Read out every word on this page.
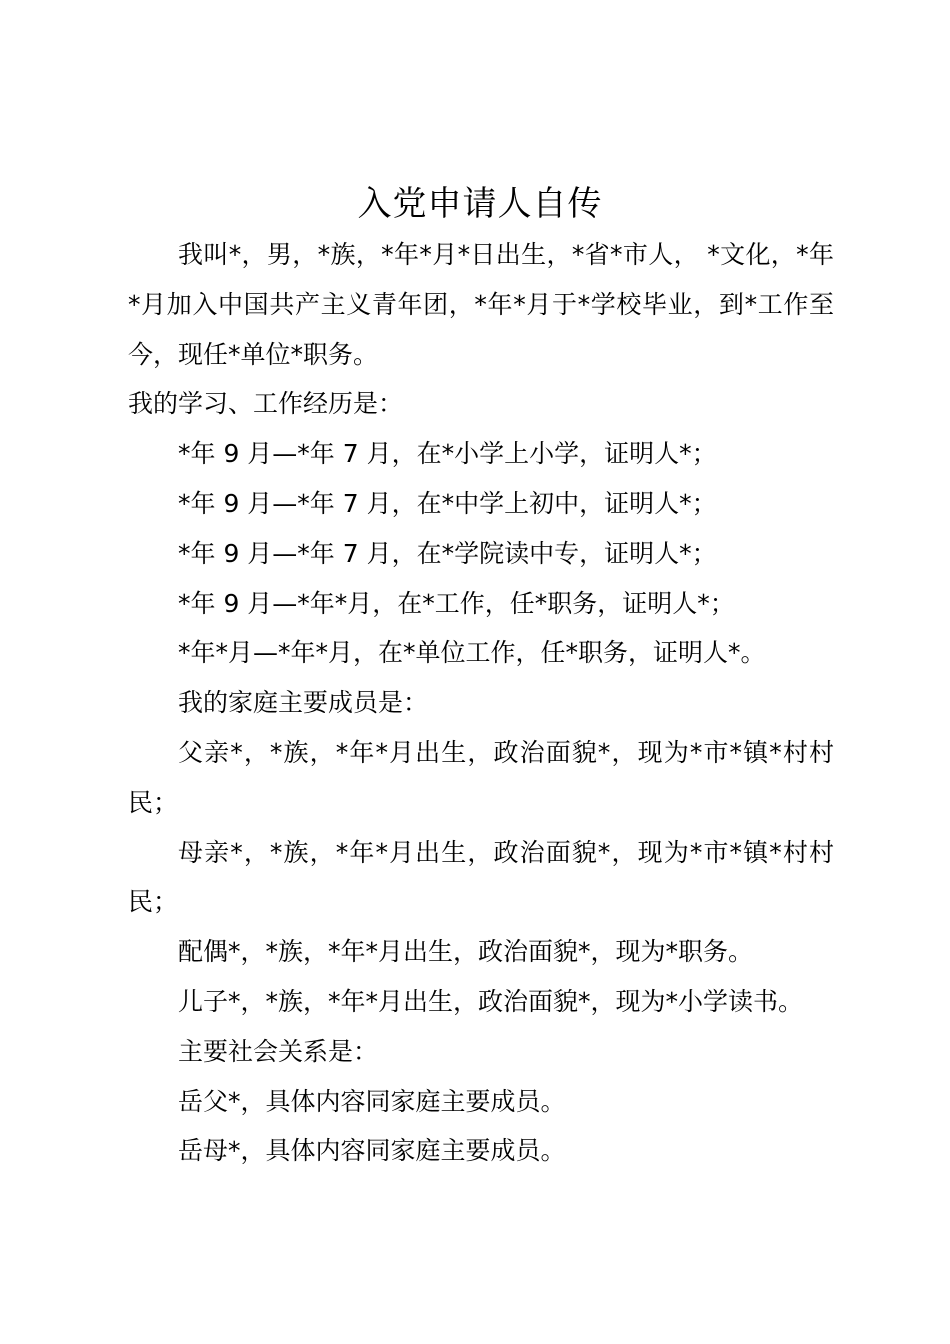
入党申请人自传

我叫*，男，*族，*年*月*日出生，*省*市人， *文化，*年*月加入中国共产主义青年团，*年*月于*学校毕业，到*工作至今，现任*单位*职务。

我的学习、工作经历是：

*年 9 月—*年 7 月，在*小学上小学，证明人*；

*年 9 月—*年 7 月，在*中学上初中，证明人*；

*年 9 月—*年 7 月，在*学院读中专，证明人*；

*年 9 月—*年*月，在*工作，任*职务，证明人*；

*年*月—*年*月，在*单位工作，任*职务，证明人*。

我的家庭主要成员是：

父亲*，*族，*年*月出生，政治面貌*，现为*市*镇*村村民；

母亲*，*族，*年*月出生，政治面貌*，现为*市*镇*村村民；

配偶*，*族，*年*月出生，政治面貌*，现为*职务。

儿子*，*族，*年*月出生，政治面貌*，现为*小学读书。

主要社会关系是：

岳父*，具体内容同家庭主要成员。

岳母*，具体内容同家庭主要成员。
